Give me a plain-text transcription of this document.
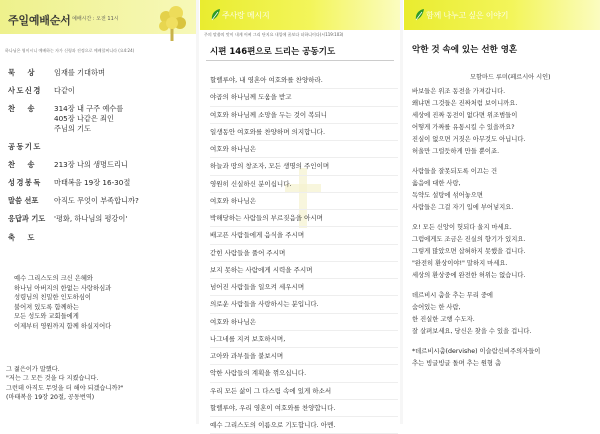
주일예배순서 예배시간 : 오전 11시
하나님은 영이시니 예배하는 자가 신령과 진정으로 예배할찌니라 (요4:24)
묵 상	임재를 기대하며
사도신경	다같이
찬 송	314장 내 구주 예수를
405장 나같은 죄인
주님의 기도
공동기도
찬 송	213장 나의 생명드리니
성경봉독	마태복음 19장 16-30절
말씀 선포	아직도 무엇이 부족합니까?
응답과 기도	'평화, 하나님의 평강이'
축 도
예수 그리스도의 크신 은혜와
하나님 아버지의 한없는 사랑하심과
성령님의 친밀한 인도하심이
불어져 있도록 함께하는
모든 성도와 교회들에게
이제부터 영원까지 함께 하실지어다
그 젊은이가 말했다.
"저는 그 모든 것을 다 지켰습니다.
그런데 아직도 무엇을 더 해야 되겠습니까?"
(마태복음 19장 20절, 공동번역)
주사랑 메시지
주의 말씀의 맛이 내게 어찌 그리 단지요 내입에 꿀보다 더하니이다(시119:103)
시편 146편으로 드리는 공동기도
할렐루야, 내 영혼아 여호와를 찬양하라.
야곱의 하나님께 도움을 받고
여호와 하나님께 소망을 두는 것이 복되니
일생동안 여호와를 찬양하며 의지합니다.
여호와 하나님은
하늘과 땅의 창조자, 모든 생명의 주인이며
영원히 신실하신 분이십니다.
여호와 하나님은
박해당하는 사람들의 부르짖음을 아시며
배고픈 사람들에게 음식을 주시며
갇힌 사람들을 풀어 주시며
보지 못하는 사람에게 시력을 주시며
넘어진 사람들을 일으켜 세우시며
의로운 사람들을 사랑하시는 분입니다.
여호와 하나님은
나그네를 지켜 보호하시며,
고아와 과부들을 붙보시며
악한 사람들의 계획을 꺾으십니다.
우리 모든 삶이 그 다스림 속에 있게 하소서
할렐루야, 우리 영혼이 여호와를 찬양합니다.
예수 그리스도의 이름으로 기도합니다. 아멘.
함께 나누고 싶은 이야기
악한 것 속에 있는 선한 영혼
모함마드 루미(페르시아 시인)
바보들은 위조 동전을 가져갑니다.
왜냐면 그것들은 진짜처럼 보이니까요.
세상에 진짜 동전이 없다면 위조범들이
어떻게 가짜를 유통시킬 수 있을까요?
진실이 없으면 거짓은 아무것도 아닙니다.
허울만 그럴듯하게 만들 뿐이죠.
사람들을 잘못되도록 이끄는 건
옳음에 대한 사랑,
독약도 설탕에 섞어놓으면
사람들은 그걸 자기 입에 부어넣지요.
오! 모든 신앙이 헛되다 울지 마세요.
그럼에게도 조금은 진실의 향기가 있지요.
그렇게 많았으면 삽혀하지 못했을 겁니다.
"완전히 환상이야!" 말하지 마세요.
세상의 환상중에 완전한 허위는 없습니다.
데르비시 춤을 추는 무리 중에
숨어있는 한 사람,
한 진실한 고행 수도자.
잘 살펴보세요, 당신은 찾을 수 있을 겁니다.
*데르비시춤(dervishe) 이슬람신비주의자들이
추는 빙글빙글 돌며 추는 원형 춤
